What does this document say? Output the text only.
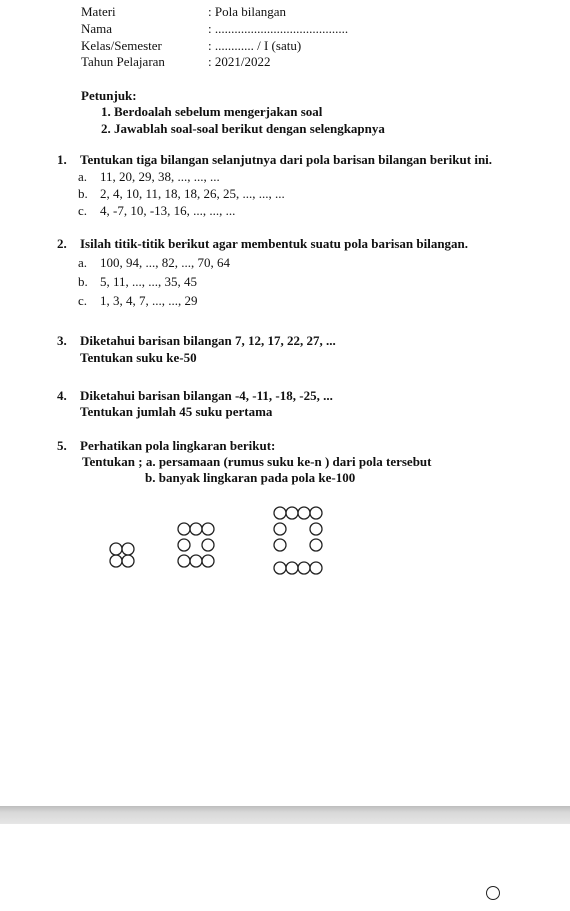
Materi	: Pola bilangan
Nama	: .........................................
Kelas/Semester	: ............ / I (satu)
Tahun Pelajaran	: 2021/2022
Petunjuk:
1. Berdoalah sebelum mengerjakan soal
2. Jawablah soal-soal berikut dengan selengkapnya
1. Tentukan tiga bilangan selanjutnya dari pola barisan bilangan berikut ini.
a. 11, 20, 29, 38, ..., ..., ...
b. 2, 4, 10, 11, 18, 18, 26, 25, ..., ..., ...
c. 4, -7, 10, -13, 16, ..., ..., ...
2. Isilah titik-titik berikut agar membentuk suatu pola barisan bilangan.
a. 100, 94, ..., 82, ..., 70, 64
b. 5, 11, ..., ..., 35, 45
c. 1, 3, 4, 7, ..., ..., 29
3. Diketahui barisan bilangan 7, 12, 17, 22, 27, ...
Tentukan suku ke-50
4. Diketahui barisan bilangan -4, -11, -18, -25, ...
Tentukan jumlah 45 suku pertama
5. Perhatikan pola lingkaran berikut:
Tentukan ; a. persamaan (rumus suku ke-n ) dari pola tersebut
b. banyak lingkaran pada pola ke-100
